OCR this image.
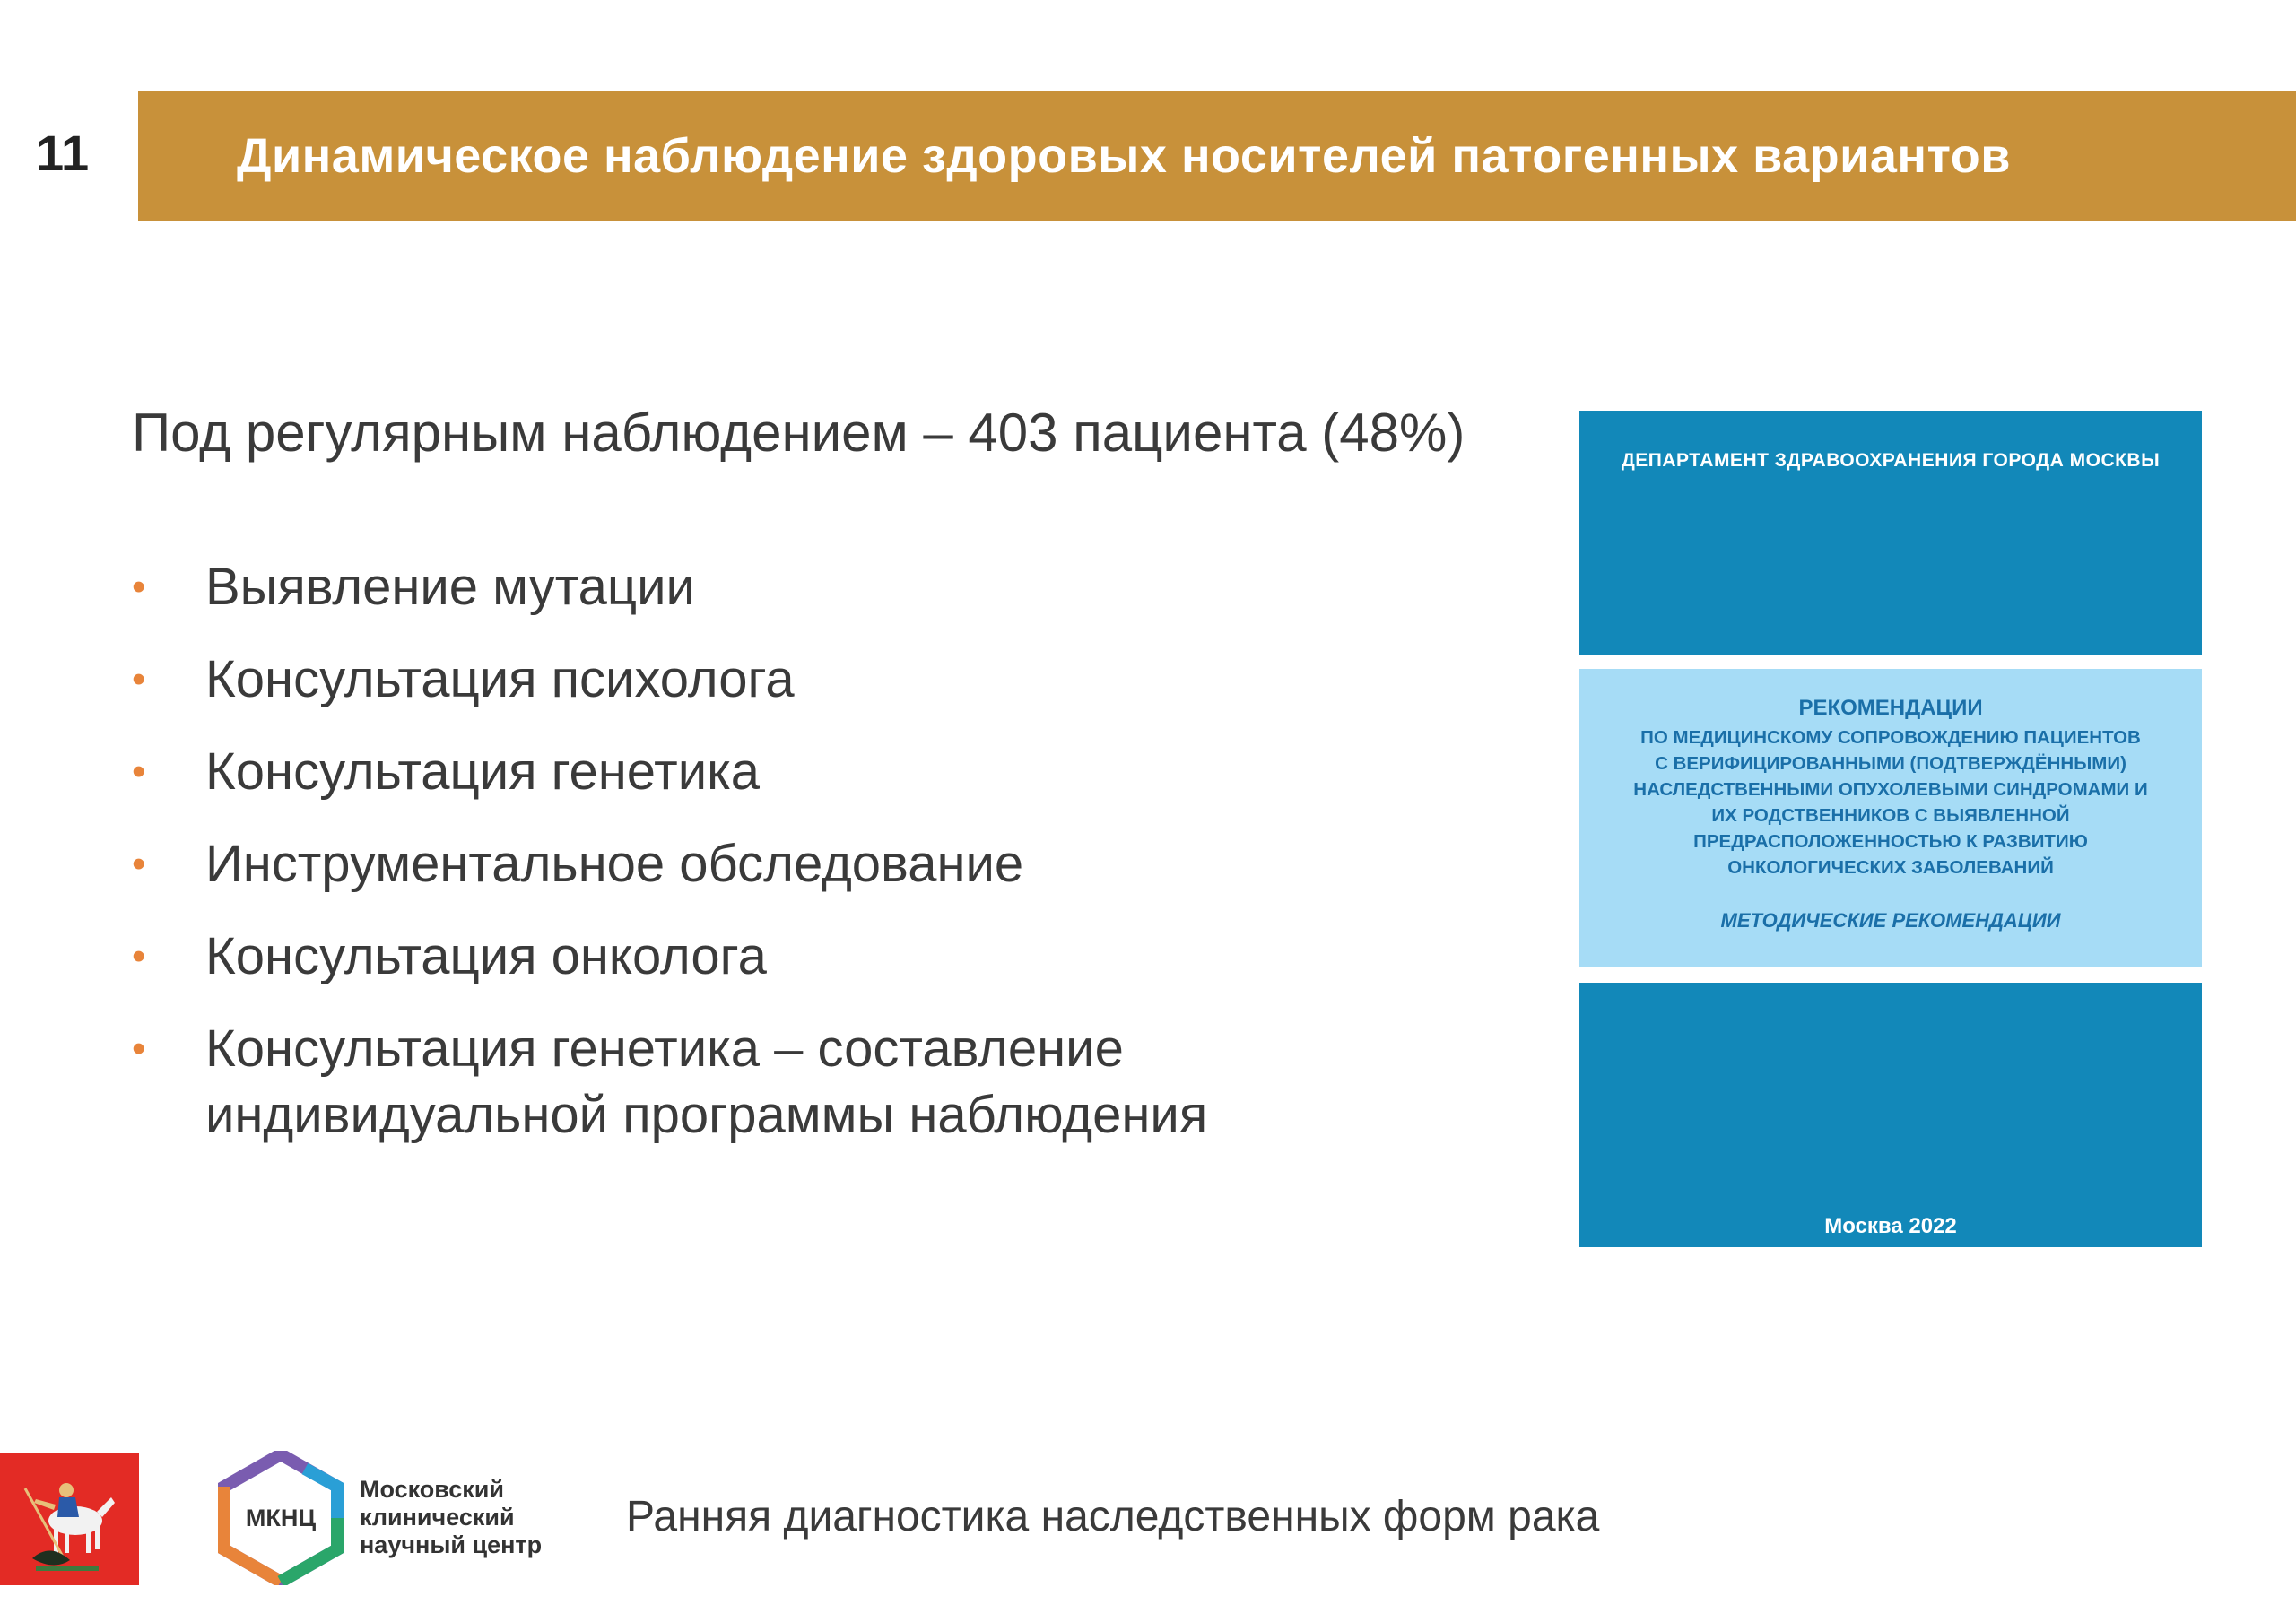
11	Динамическое наблюдение здоровых носителей патогенных вариантов
Под регулярным наблюдением – 403 пациента (48%)
• Выявление мутации
• Консультация психолога
• Консультация генетика
• Инструментальное обследование
• Консультация онколога
• Консультация генетика – составление индивидуальной программы наблюдения
ДЕПАРТАМЕНТ ЗДРАВООХРАНЕНИЯ ГОРОДА МОСКВЫ
РЕКОМЕНДАЦИИ
ПО МЕДИЦИНСКОМУ СОПРОВОЖДЕНИЮ ПАЦИЕНТОВ
С ВЕРИФИЦИРОВАННЫМИ (ПОДТВЕРЖДЁННЫМИ)
НАСЛЕДСТВЕННЫМИ ОПУХОЛЕВЫМИ СИНДРОМАМИ И
ИХ РОДСТВЕННИКОВ С ВЫЯВЛЕННОЙ
ПРЕДРАСПОЛОЖЕННОСТЬЮ К РАЗВИТИЮ
ОНКОЛОГИЧЕСКИХ ЗАБОЛЕВАНИЙ
МЕТОДИЧЕСКИЕ РЕКОМЕНДАЦИИ
Москва 2022
МКНЦ
Московский
клинический
научный центр
Ранняя диагностика наследственных форм рака
